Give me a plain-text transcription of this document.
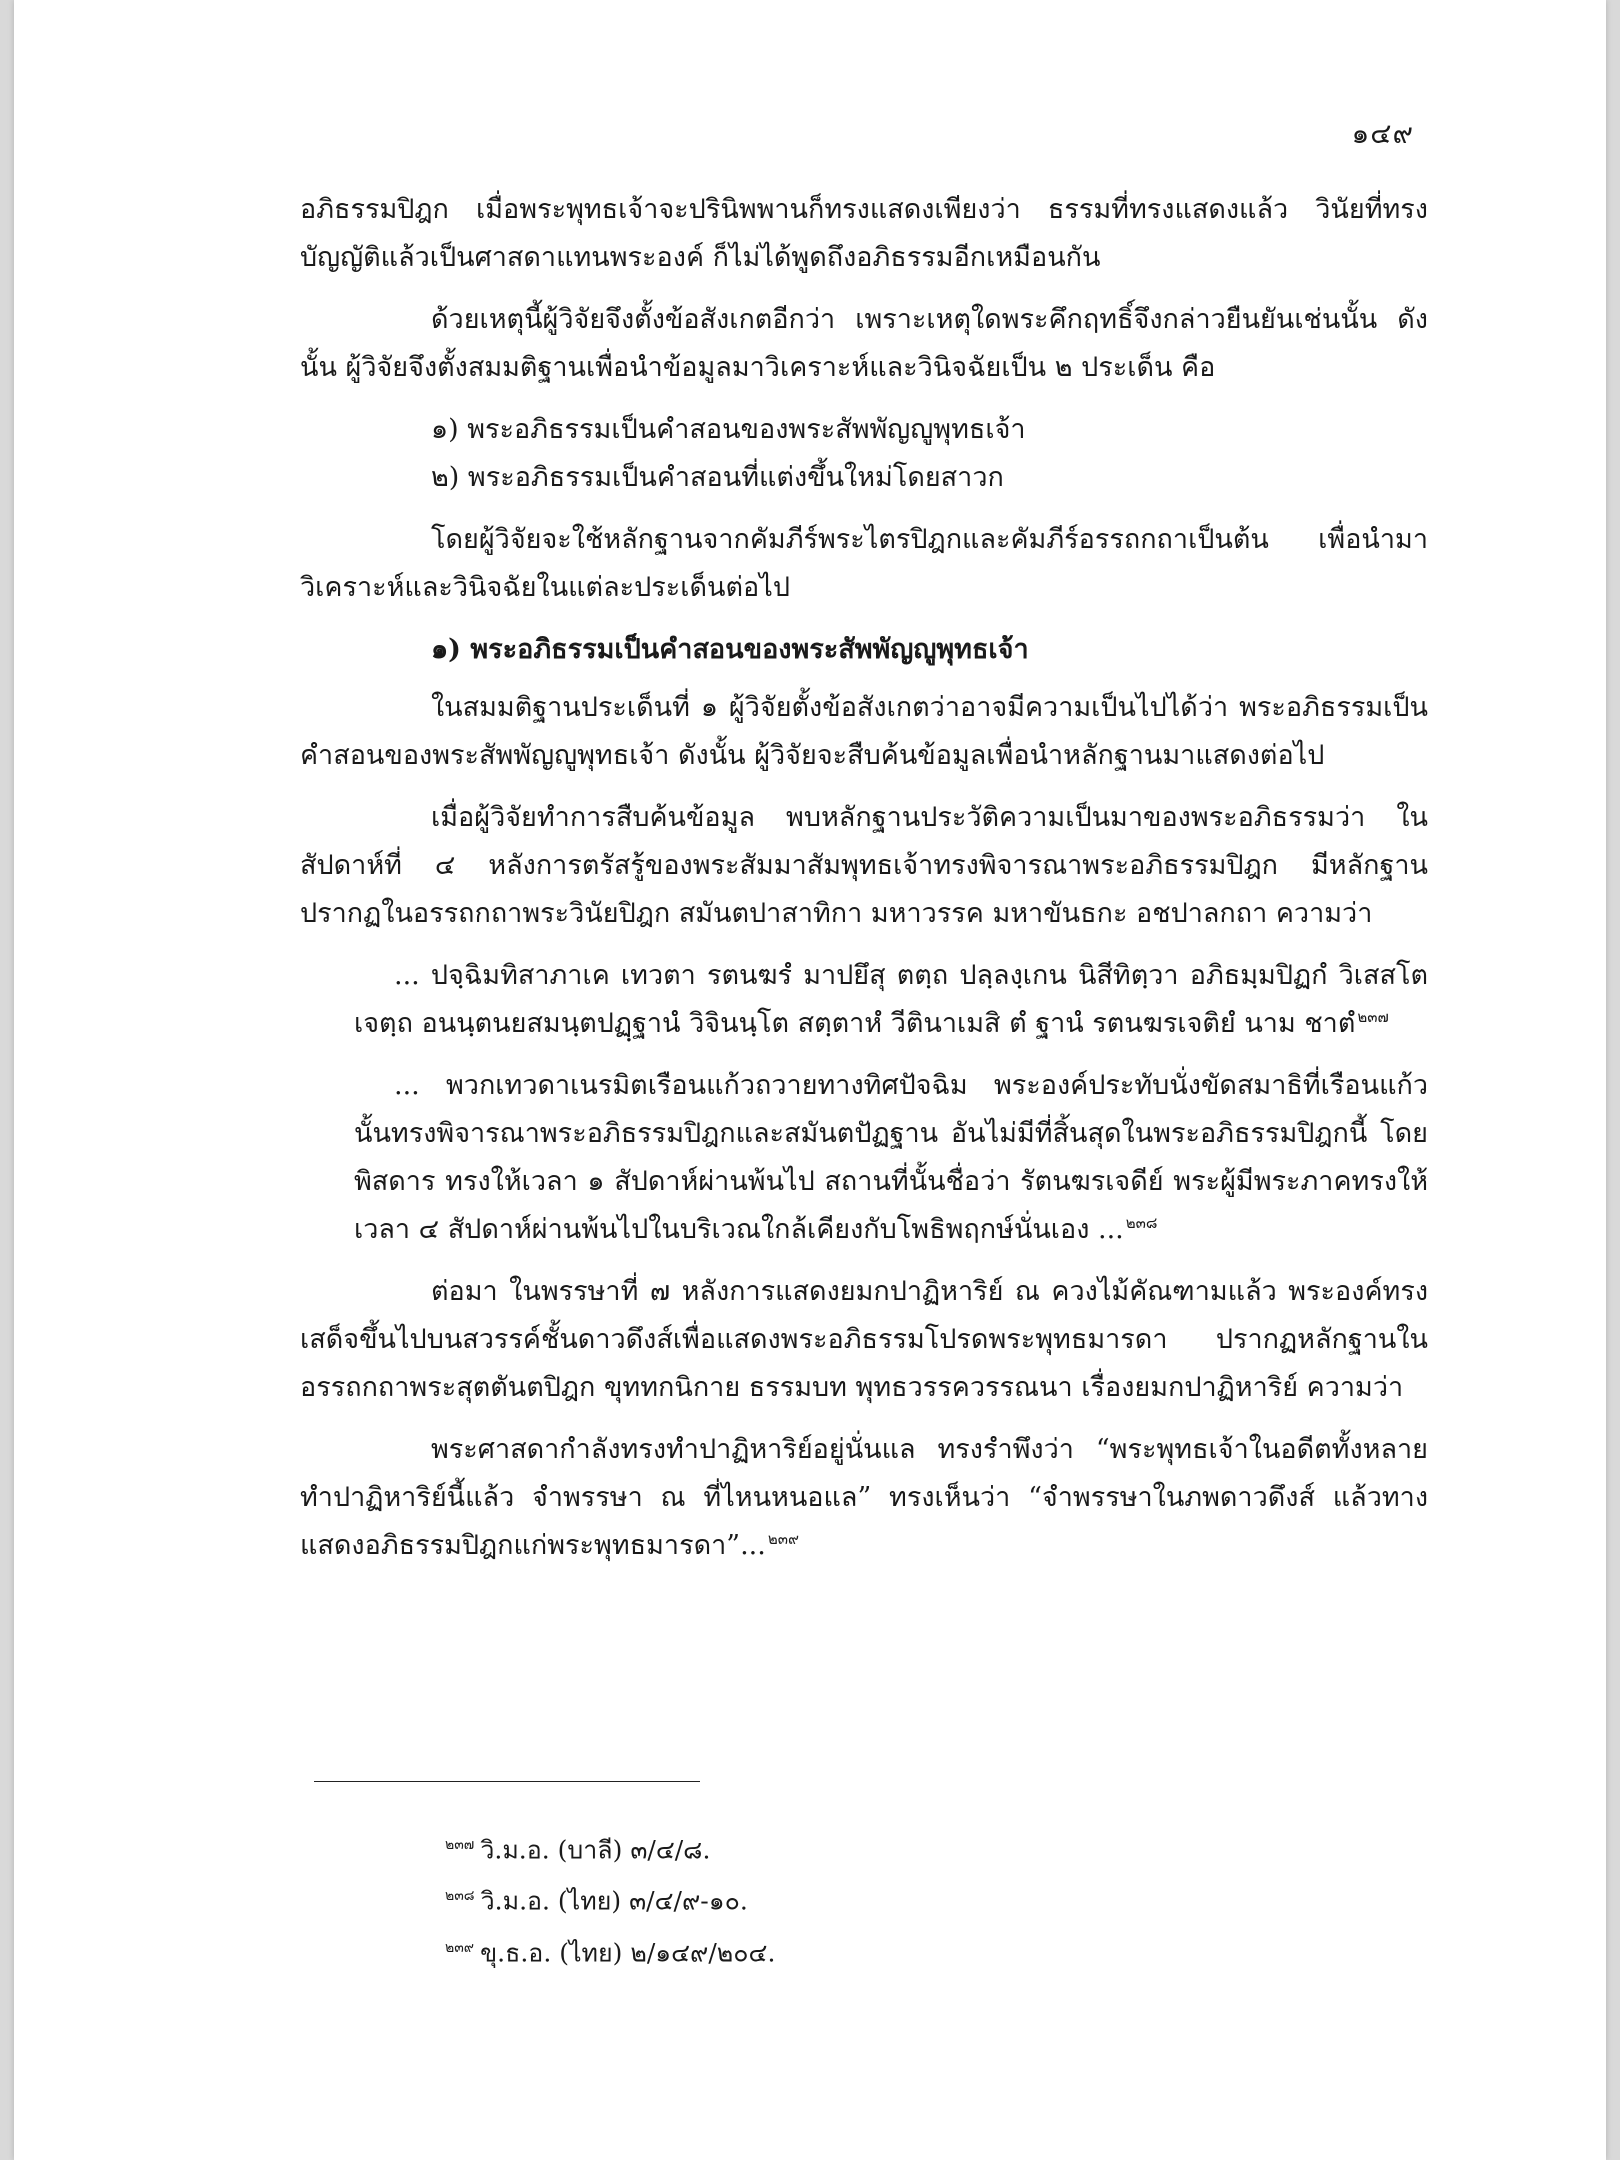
๑๔๙

อภิธรรมปิฎก เมื่อพระพุทธเจ้าจะปรินิพพานก็ทรงแสดงเพียงว่า ธรรมที่ทรงแสดงแล้ว วินัยที่ทรงบัญญัติแล้วเป็นศาสดาแทนพระองค์ ก็ไม่ได้พูดถึงอภิธรรมอีกเหมือนกัน

ด้วยเหตุนี้ผู้วิจัยจึงตั้งข้อสังเกตอีกว่า เพราะเหตุใดพระคึกฤทธิ์จึงกล่าวยืนยันเช่นนั้น ดังนั้น ผู้วิจัยจึงตั้งสมมติฐานเพื่อนำข้อมูลมาวิเคราะห์และวินิจฉัยเป็น ๒ ประเด็น คือ

๑) พระอภิธรรมเป็นคำสอนของพระสัพพัญญูพุทธเจ้า
๒) พระอภิธรรมเป็นคำสอนที่แต่งขึ้นใหม่โดยสาวก

โดยผู้วิจัยจะใช้หลักฐานจากคัมภีร์พระไตรปิฎกและคัมภีร์อรรถกถาเป็นต้น เพื่อนำมาวิเคราะห์และวินิจฉัยในแต่ละประเด็นต่อไป

๑) พระอภิธรรมเป็นคำสอนของพระสัพพัญญูพุทธเจ้า

ในสมมติฐานประเด็นที่ ๑ ผู้วิจัยตั้งข้อสังเกตว่าอาจมีความเป็นไปได้ว่า พระอภิธรรมเป็นคำสอนของพระสัพพัญญูพุทธเจ้า ดังนั้น ผู้วิจัยจะสืบค้นข้อมูลเพื่อนำหลักฐานมาแสดงต่อไป

เมื่อผู้วิจัยทำการสืบค้นข้อมูล พบหลักฐานประวัติความเป็นมาของพระอภิธรรมว่า ในสัปดาห์ที่ ๔ หลังการตรัสรู้ของพระสัมมาสัมพุทธเจ้าทรงพิจารณาพระอภิธรรมปิฎก มีหลักฐานปรากฏในอรรถกถาพระวินัยปิฎก สมันตปาสาทิกา มหาวรรค มหาขันธกะ อชปาลกถา ความว่า

... ปจฺฉิมทิสาภาเค เทวตา รตนฆรํ มาปยึสุ ตตฺถ ปลฺลงฺเกน นิสีทิตฺวา อภิธมฺมปิฏกํ วิเสสโต เจตฺถ อนนฺตนยสมนฺตปฏฺฐานํ วิจินนฺโต สตฺตาหํ วีตินาเมสิ ตํ ฐานํ รตนฆรเจติยํ นาม ชาตํ $^{๒๓๗}$

... พวกเทวดาเนรมิตเรือนแก้วถวายทางทิศปัจฉิม พระองค์ประทับนั่งขัดสมาธิที่เรือนแก้วนั้นทรงพิจารณาพระอภิธรรมปิฎกและสมันตปัฏฐาน อันไม่มีที่สิ้นสุดในพระอภิธรรมปิฎกนี้ โดยพิสดาร ทรงให้เวลา ๑ สัปดาห์ผ่านพ้นไป สถานที่นั้นชื่อว่า รัตนฆรเจดีย์ พระผู้มีพระภาคทรงให้เวลา ๔ สัปดาห์ผ่านพ้นไปในบริเวณใกล้เคียงกับโพธิพฤกษ์นั่นเอง ... $^{๒๓๘}$

ต่อมา ในพรรษาที่ ๗ หลังการแสดงยมกปาฏิหาริย์ ณ ควงไม้คัณฑามแล้ว พระองค์ทรงเสด็จขึ้นไปบนสวรรค์ชั้นดาวดึงส์เพื่อแสดงพระอภิธรรมโปรดพระพุทธมารดา ปรากฏหลักฐานในอรรถกถาพระสุตตันตปิฎก ขุททกนิกาย ธรรมบท พุทธวรรควรรณนา เรื่องยมกปาฏิหาริย์ ความว่า

พระศาสดากำลังทรงทำปาฏิหาริย์อยู่นั่นแล ทรงรำพึงว่า “พระพุทธเจ้าในอดีตทั้งหลายทำปาฏิหาริย์นี้แล้ว จำพรรษา ณ ที่ไหนหนอแล” ทรงเห็นว่า “จำพรรษาในภพดาวดึงส์ แล้วทางแสดงอภิธรรมปิฎกแก่พระพุทธมารดา”... $^{๒๓๙}$

$^{๒๓๗}$ วิ.ม.อ. (บาลี) ๓/๔/๘.
$^{๒๓๘}$ วิ.ม.อ. (ไทย) ๓/๔/๙-๑๐.
$^{๒๓๙}$ ขุ.ธ.อ. (ไทย) ๒/๑๔๙/๒๐๔.
